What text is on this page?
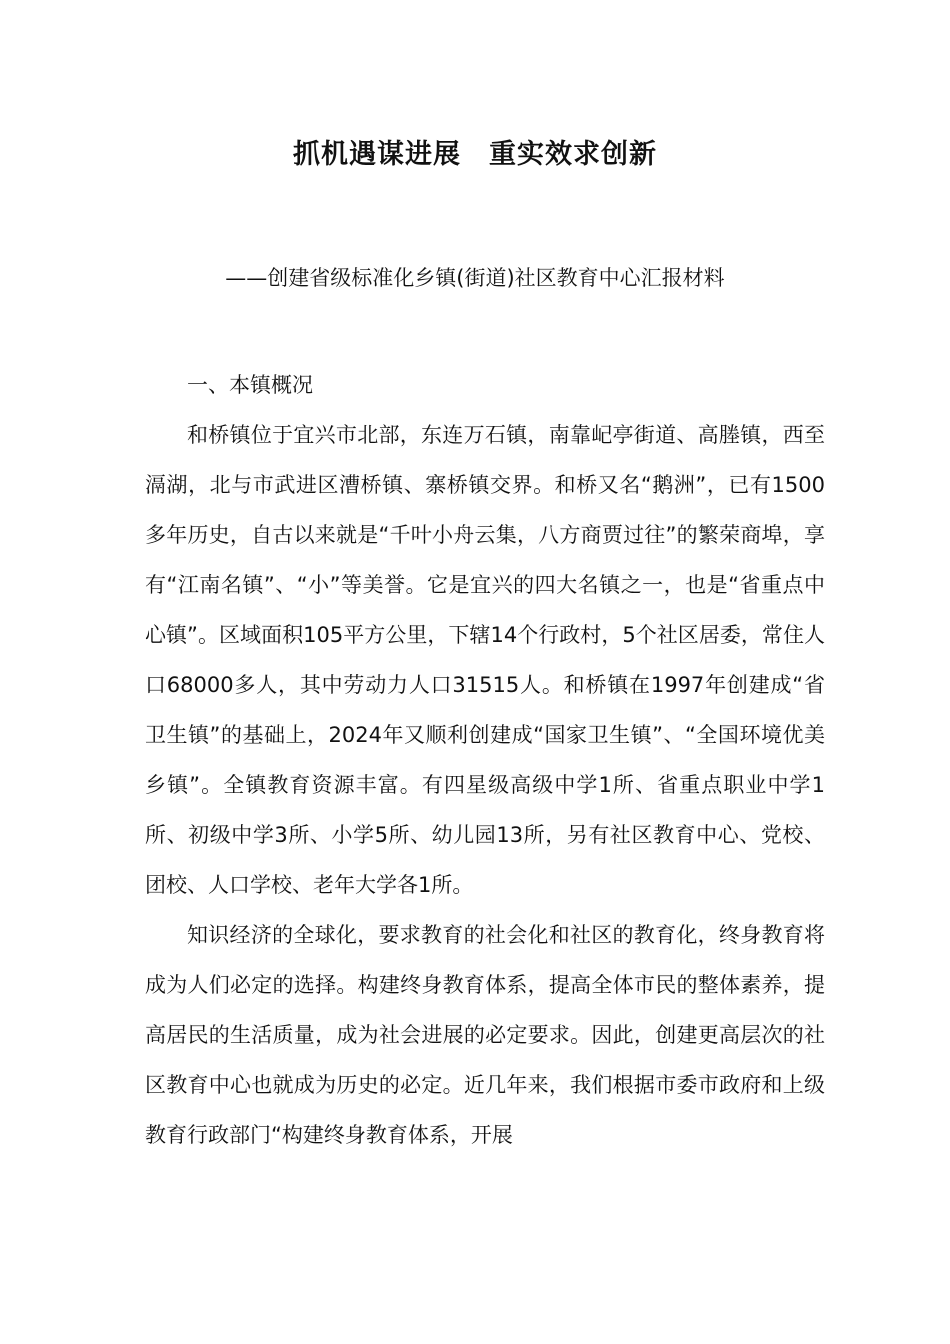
抓机遇谋进展　重实效求创新

——创建省级标准化乡镇(街道)社区教育中心汇报材料

一、本镇概况

和桥镇位于宜兴市北部，东连万石镇，南靠屺亭街道、高塍镇，西至滆湖，北与市武进区漕桥镇、寨桥镇交界。和桥又名“鹅洲”，已有1500多年历史，自古以来就是“千叶小舟云集，八方商贾过往”的繁荣商埠，享有“江南名镇”、“小”等美誉。它是宜兴的四大名镇之一，也是“省重点中心镇”。区域面积105平方公里，下辖14个行政村，5个社区居委，常住人口68000多人，其中劳动力人口31515人。和桥镇在1997年创建成“省卫生镇”的基础上，2024年又顺利创建成“国家卫生镇”、“全国环境优美乡镇”。全镇教育资源丰富。有四星级高级中学1所、省重点职业中学1所、初级中学3所、小学5所、幼儿园13所，另有社区教育中心、党校、团校、人口学校、老年大学各1所。

知识经济的全球化，要求教育的社会化和社区的教育化，终身教育将成为人们必定的选择。构建终身教育体系，提高全体市民的整体素养，提高居民的生活质量，成为社会进展的必定要求。因此，创建更高层次的社区教育中心也就成为历史的必定。近几年来，我们根据市委市政府和上级教育行政部门“构建终身教育体系，开展
